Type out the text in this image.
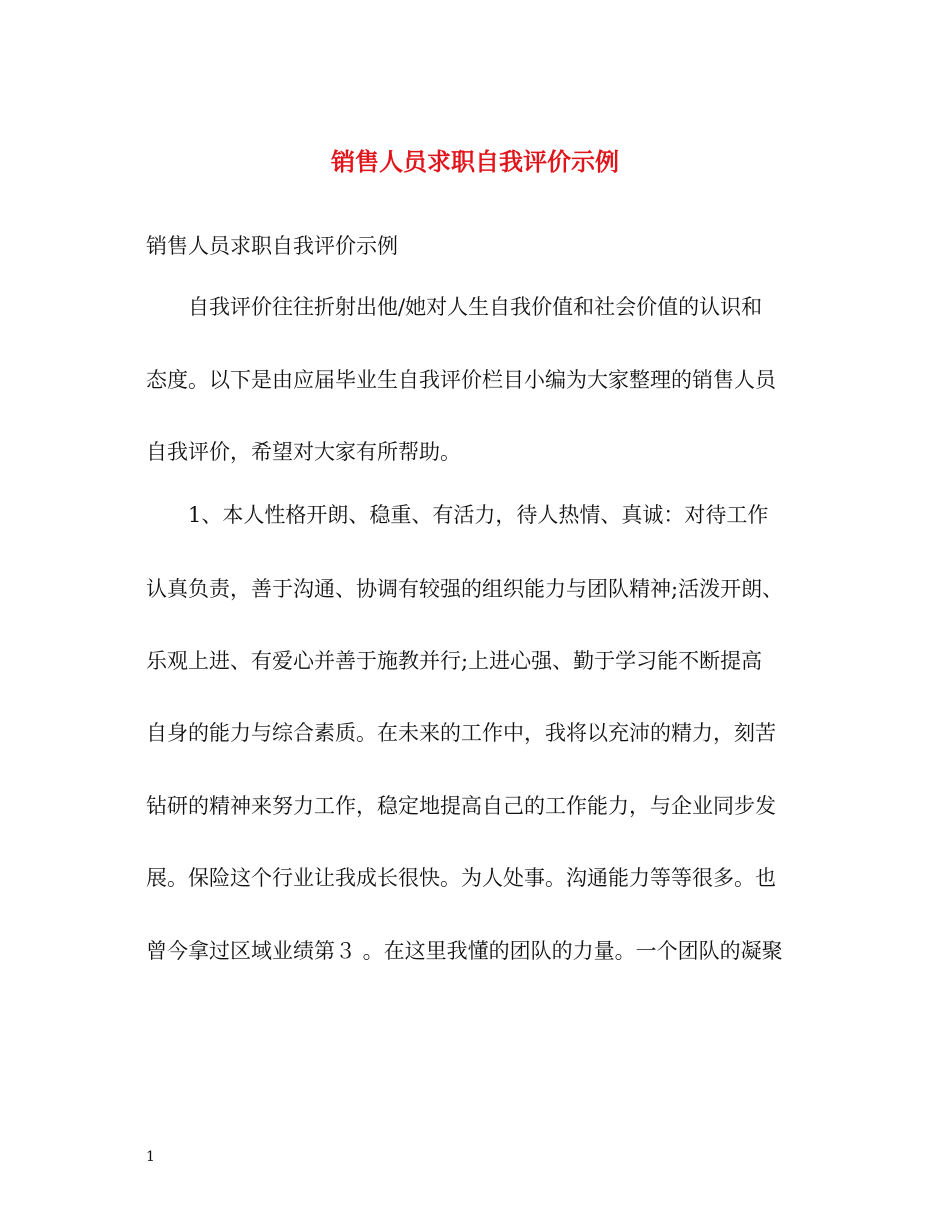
销售人员求职自我评价示例
销售人员求职自我评价示例
自我评价往往折射出他/她对人生自我价值和社会价值的认识和
态度。以下是由应届毕业生自我评价栏目小编为大家整理的销售人员
自我评价，希望对大家有所帮助。
1、本人性格开朗、稳重、有活力，待人热情、真诚：对待工作
认真负责，善于沟通、协调有较强的组织能力与团队精神;活泼开朗、
乐观上进、有爱心并善于施教并行;上进心强、勤于学习能不断提高
自身的能力与综合素质。在未来的工作中，我将以充沛的精力，刻苦
钻研的精神来努力工作，稳定地提高自己的工作能力，与企业同步发
展。保险这个行业让我成长很快。为人处事。沟通能力等等很多。也
曾今拿过区域业绩第３ 。在这里我懂的团队的力量。一个团队的凝聚
1
